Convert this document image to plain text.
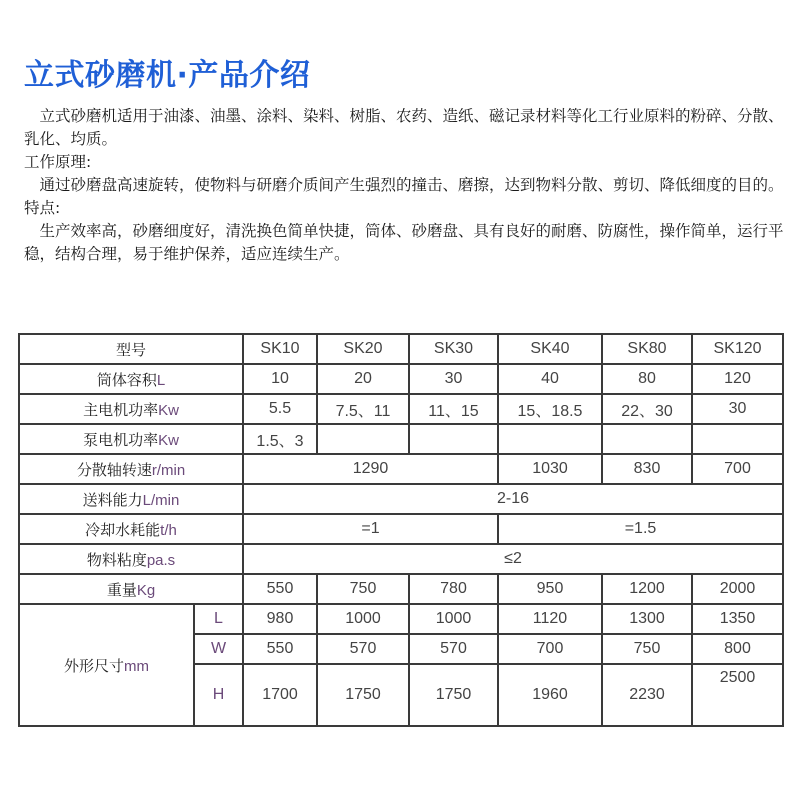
立式砂磨机·产品介绍

立式砂磨机适用于油漆、油墨、涂料、染料、树脂、农药、造纸、磁记录材料等化工行业原料的粉碎、分散、乳化、均质。

工作原理:

通过砂磨盘高速旋转，使物料与研磨介质间产生强烈的撞击、磨擦，达到物料分散、剪切、降低细度的目的。

特点:

生产效率高，砂磨细度好，清洗换色简单快捷，筒体、砂磨盘、具有良好的耐磨、防腐性，操作简单，运行平稳，结构合理，易于维护保养，适应连续生产。

型号		SK10	SK20	SK30	SK40	SK80	SK120
筒体容积L		10	20	30	40	80	120
主电机功率Kw		5.5	7.5、11	11、15	15、18.5	22、30	30
泵电机功率Kw		1.5、3					
分散轴转速r/min		1290			1030	830	700
送料能力L/min		2-16					
冷却水耗能t/h		=1			=1.5		
物料粘度pa.s		≤2					
重量Kg		550	750	780	950	1200	2000
外形尺寸mm	L	980	1000	1000	1120	1300	1350
	W	550	570	570	700	750	800
	H	1700	1750	1750	1960	2230	2500
